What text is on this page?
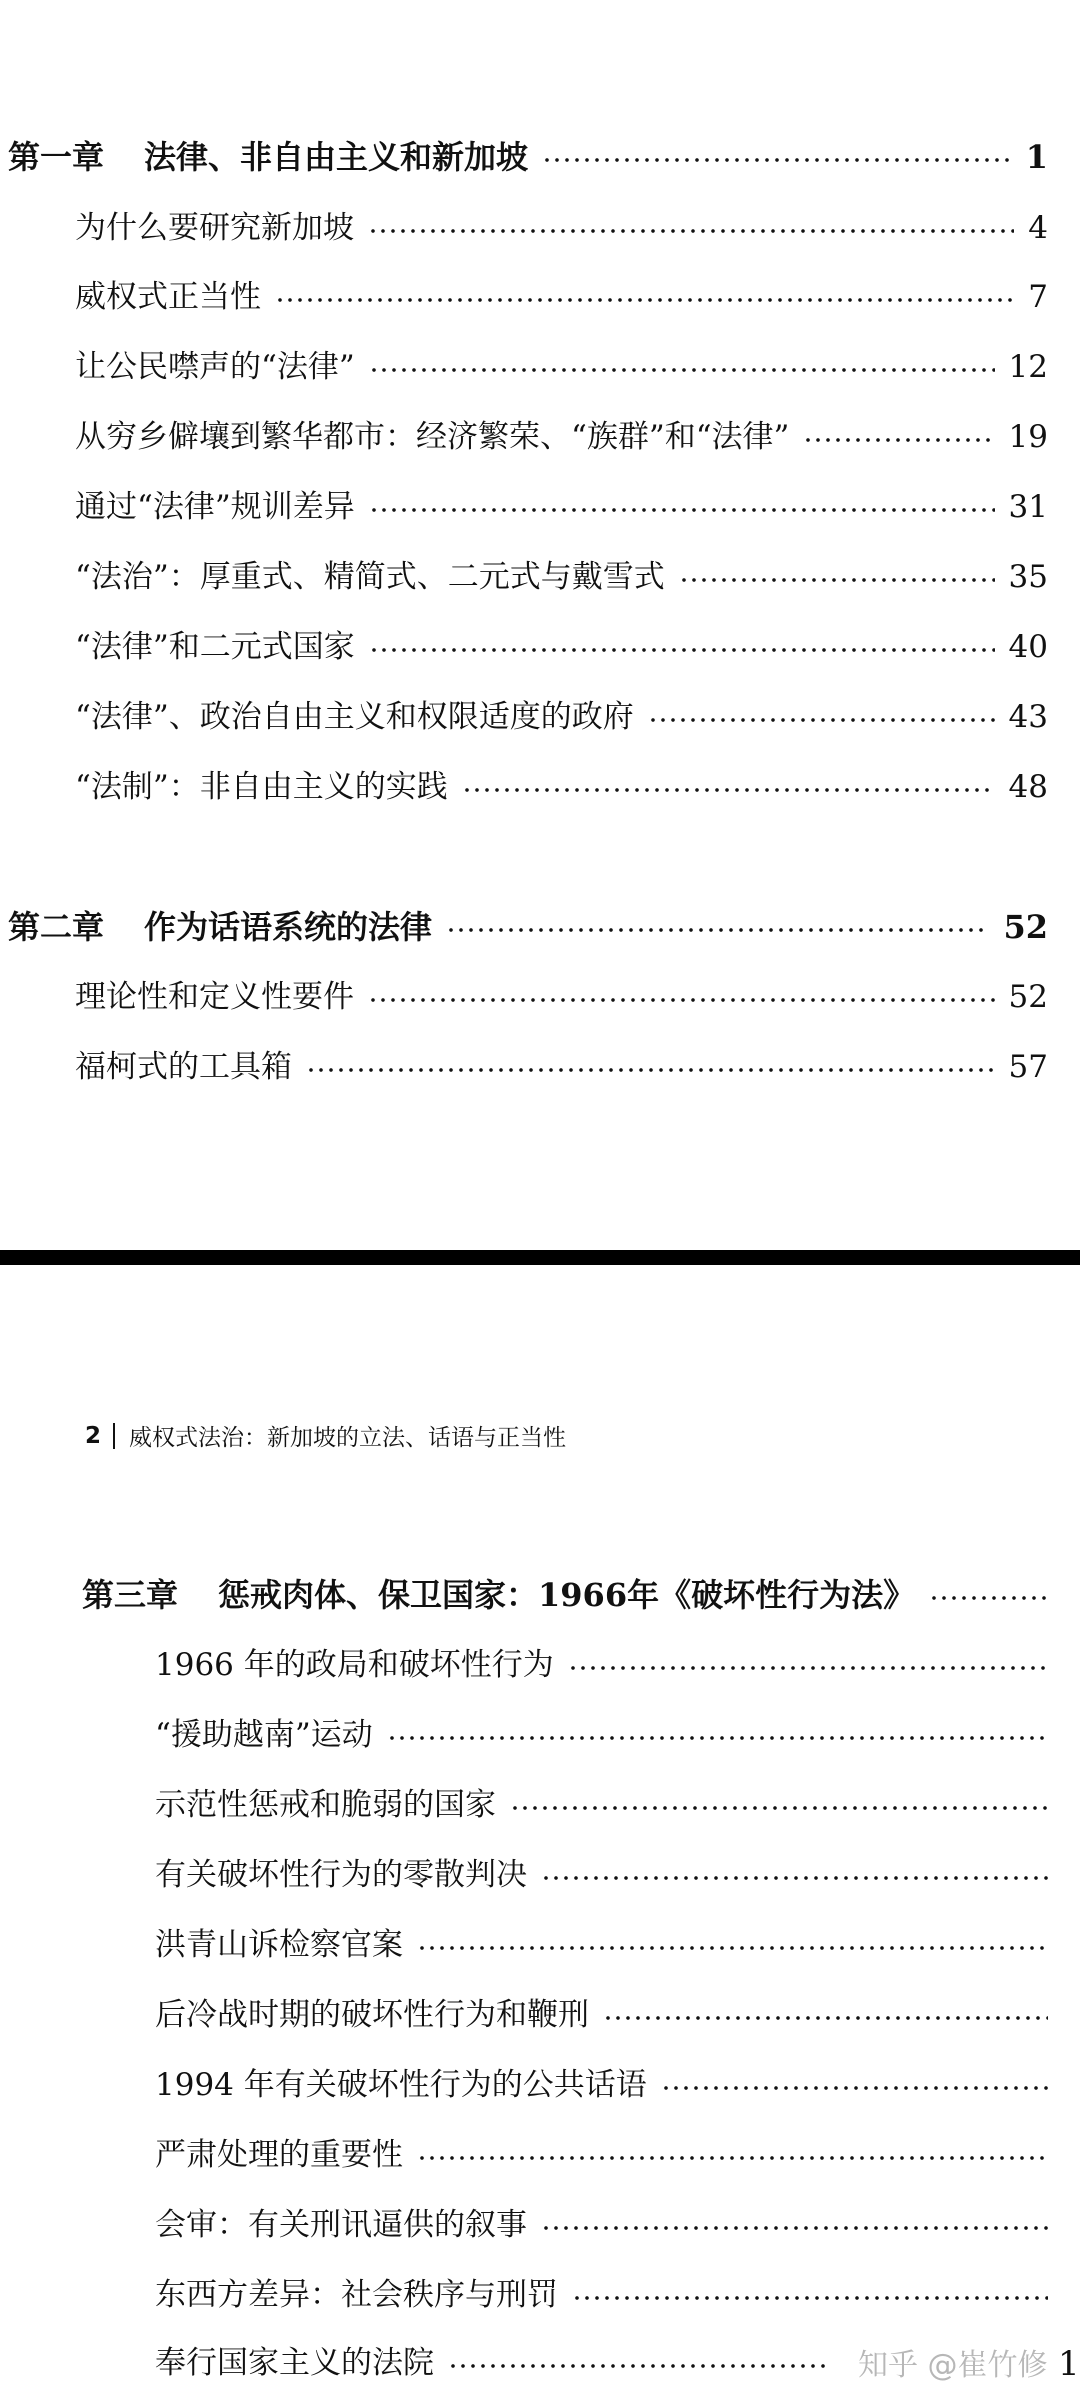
第一章 法律、非自由主义和新加坡	1
为什么要研究新加坡	4
威权式正当性	7
让公民噤声的“法律”	12
从穷乡僻壤到繁华都市：经济繁荣、“族群”和“法律”	19
通过“法律”规训差异	31
“法治”：厚重式、精简式、二元式与戴雪式	35
“法律”和二元式国家	40
“法律”、政治自由主义和权限适度的政府	43
“法制”：非自由主义的实践	48
第二章 作为话语系统的法律	52
理论性和定义性要件	52
福柯式的工具箱	57
2 威权式法治：新加坡的立法、话语与正当性
第三章 惩戒肉体、保卫国家：1966年《破坏性行为法》
1966 年的政局和破坏性行为
“援助越南”运动
示范性惩戒和脆弱的国家
有关破坏性行为的零散判决
洪青山诉检察官案
后冷战时期的破坏性行为和鞭刑
1994 年有关破坏性行为的公共话语
严肃处理的重要性
会审：有关刑讯逼供的叙事
东西方差异：社会秩序与刑罚
奉行国家主义的法院	知乎 @崔竹修 1
